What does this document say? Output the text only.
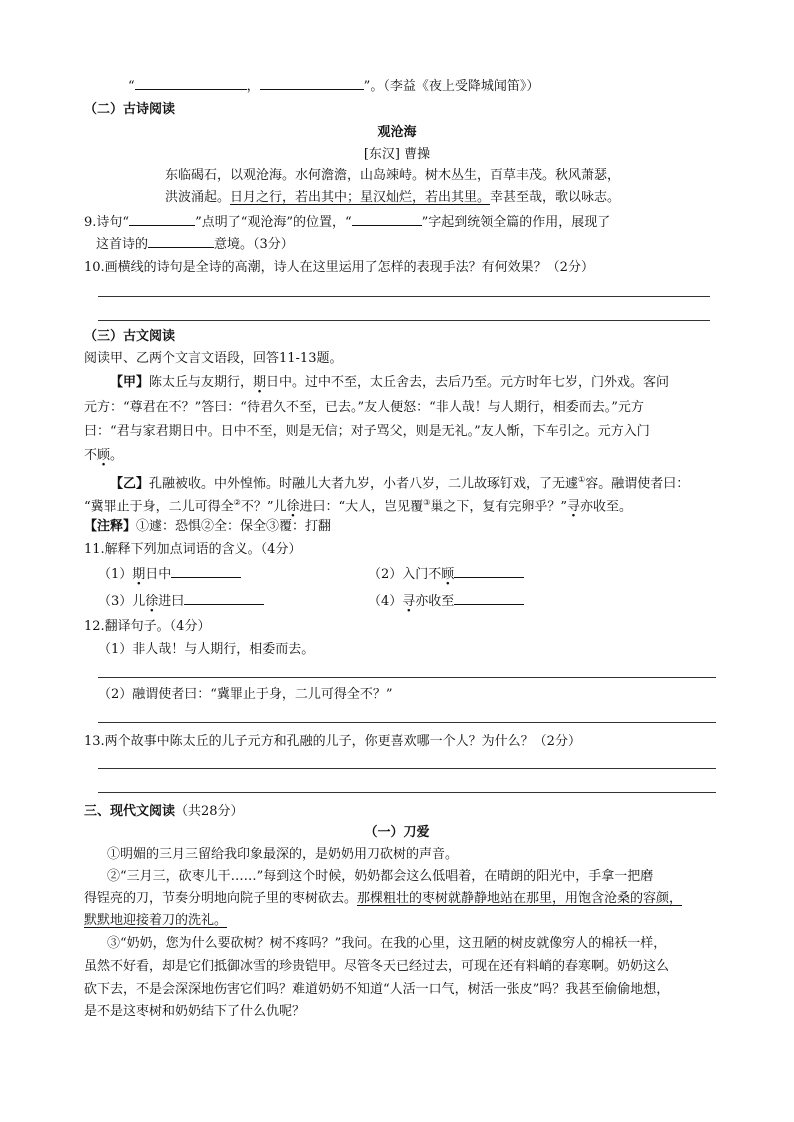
“	，	”。（李益《夜上受降城闻笛》）
（二）古诗阅读
观沧海
[东汉] 曹操
东临碣石，以观沧海。水何澹澹，山岛竦峙。树木丛生，百草丰茂。秋风萧瑟，
洪波涌起。日月之行，若出其中；星汉灿烂，若出其里。幸甚至哉，歌以咏志。
9.诗句“	”点明了“观沧海”的位置，“	”字起到统领全篇的作用，展现了
这首诗的	意境。（3分）
10.画横线的诗句是全诗的高潮，诗人在这里运用了怎样的表现手法？有何效果？（2分）
（三）古文阅读
阅读甲、乙两个文言文语段，回答11-13题。
【甲】陈太丘与友期行，期日中。过中不至，太丘舍去，去后乃至。元方时年七岁，门外戏。客问
元方：“尊君在不？”答曰：“待君久不至，已去。”友人便怒：“非人哉！与人期行，相委而去。”元方
曰：“君与家君期日中。日中不至，则是无信；对子骂父，则是无礼。”友人惭，下车引之。元方入门
不顾。
【乙】孔融被收。中外惶怖。时融儿大者九岁，小者八岁，二儿故琢钉戏，了无遽①容。融谓使者曰：
“冀罪止于身，二儿可得全②不？”儿徐进曰：“大人，岂见覆③巢之下，复有完卵乎？”寻亦收至。
【注释】①遽：恐惧②全：保全③覆：打翻
11.解释下列加点词语的含义。（4分）
（1）期日中	（2）入门不顾
（3）儿徐进曰	（4）寻亦收至
12.翻译句子。（4分）
（1）非人哉！与人期行，相委而去。
（2）融谓使者曰：“冀罪止于身，二儿可得全不？”
13.两个故事中陈太丘的儿子元方和孔融的儿子，你更喜欢哪一个人？为什么？（2分）
三、现代文阅读（共28分）
（一）刀爱
①明媚的三月三留给我印象最深的，是奶奶用刀砍树的声音。
②“三月三，砍枣儿干……”每到这个时候，奶奶都会这么低唱着，在晴朗的阳光中，手拿一把磨
得锃亮的刀，节奏分明地向院子里的枣树砍去。那棵粗壮的枣树就静静地站在那里，用饱含沧桑的容颜，
默默地迎接着刀的洗礼。
③“奶奶，您为什么要砍树？树不疼吗？”我问。在我的心里，这丑陋的树皮就像穷人的棉袄一样，
虽然不好看，却是它们抵御冰雪的珍贵铠甲。尽管冬天已经过去，可现在还有料峭的春寒啊。奶奶这么
砍下去，不是会深深地伤害它们吗？难道奶奶不知道“人活一口气，树活一张皮”吗？我甚至偷偷地想，
是不是这枣树和奶奶结下了什么仇呢？
